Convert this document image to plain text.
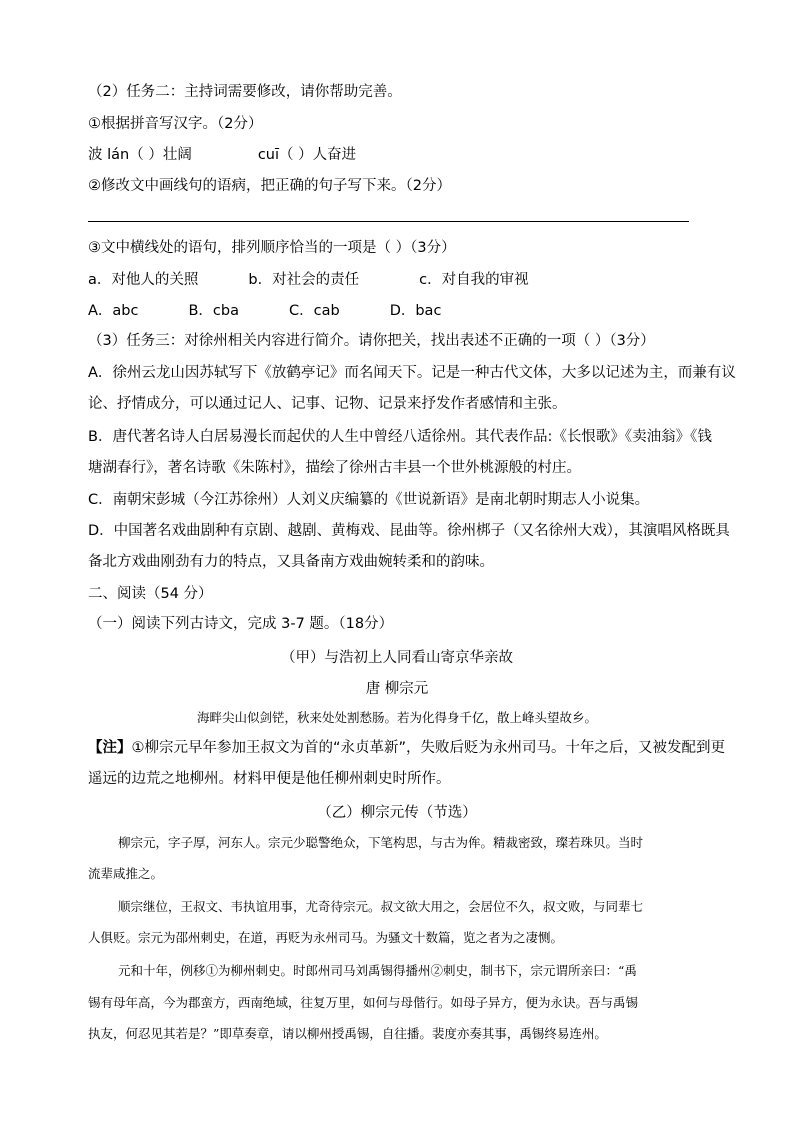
（2）任务二：主持词需要修改，请你帮助完善。
①根据拼音写汉字。（2分）
波 lán（ ）壮阔	cuī（ ）人奋进
②修改文中画线句的语病，把正确的句子写下来。（2分）
③文中横线处的语句，排列顺序恰当的一项是（ ）（3分）
a．对他人的关照	b．对社会的责任	c．对自我的审视
A．abc	B．cba	C．cab	D．bac
（3）任务三：对徐州相关内容进行简介。请你把关，找出表述不正确的一项（ ）（3分）
A．徐州云龙山因苏轼写下《放鹤亭记》而名闻天下。记是一种古代文体，大多以记述为主，而兼有议
论、抒情成分，可以通过记人、记事、记物、记景来抒发作者感情和主张。
B．唐代著名诗人白居易漫长而起伏的人生中曾经八适徐州。其代表作品:《长恨歌》《卖油翁》《钱
塘湖春行》，著名诗歌《朱陈村》，描绘了徐州古丰县一个世外桃源般的村庄。
C．南朝宋彭城（今江苏徐州）人刘义庆编纂的《世说新语》是南北朝时期志人小说集。
D．中国著名戏曲剧种有京剧、越剧、黄梅戏、昆曲等。徐州梆子（又名徐州大戏），其演唱风格既具
备北方戏曲刚劲有力的特点，又具备南方戏曲婉转柔和的韵味。
二、阅读（54 分）
（一）阅读下列古诗文，完成 3-7 题。（18分）
（甲）与浩初上人同看山寄京华亲故
唐 柳宗元
海畔尖山似剑铓，秋来处处割愁肠。若为化得身千亿，散上峰头望故乡。
【注】①柳宗元早年参加王叔文为首的“永贞革新”，失败后贬为永州司马。十年之后，又被发配到更
遥远的边荒之地柳州。材料甲便是他任柳州刺史时所作。
（乙）柳宗元传（节选）
柳宗元，字子厚，河东人。宗元少聪警绝众，下笔构思，与古为侔。精裁密致，璨若珠贝。当时
流辈咸推之。
顺宗继位，王叔文、韦执谊用事，尤奇待宗元。叔文欲大用之，会居位不久，叔文败，与同辈七
人俱贬。宗元为邵州刺史，在道，再贬为永州司马。为骚文十数篇，览之者为之凄恻。
元和十年，例移①为柳州刺史。时郎州司马刘禹锡得播州②刺史，制书下，宗元谓所亲曰：“禹
锡有母年高，今为郡蛮方，西南绝域，往复万里，如何与母偕行。如母子异方，便为永诀。吾与禹锡
执友，何忍见其若是？”即草奏章，请以柳州授禹锡，自往播。裴度亦奏其事，禹锡终易连州。
